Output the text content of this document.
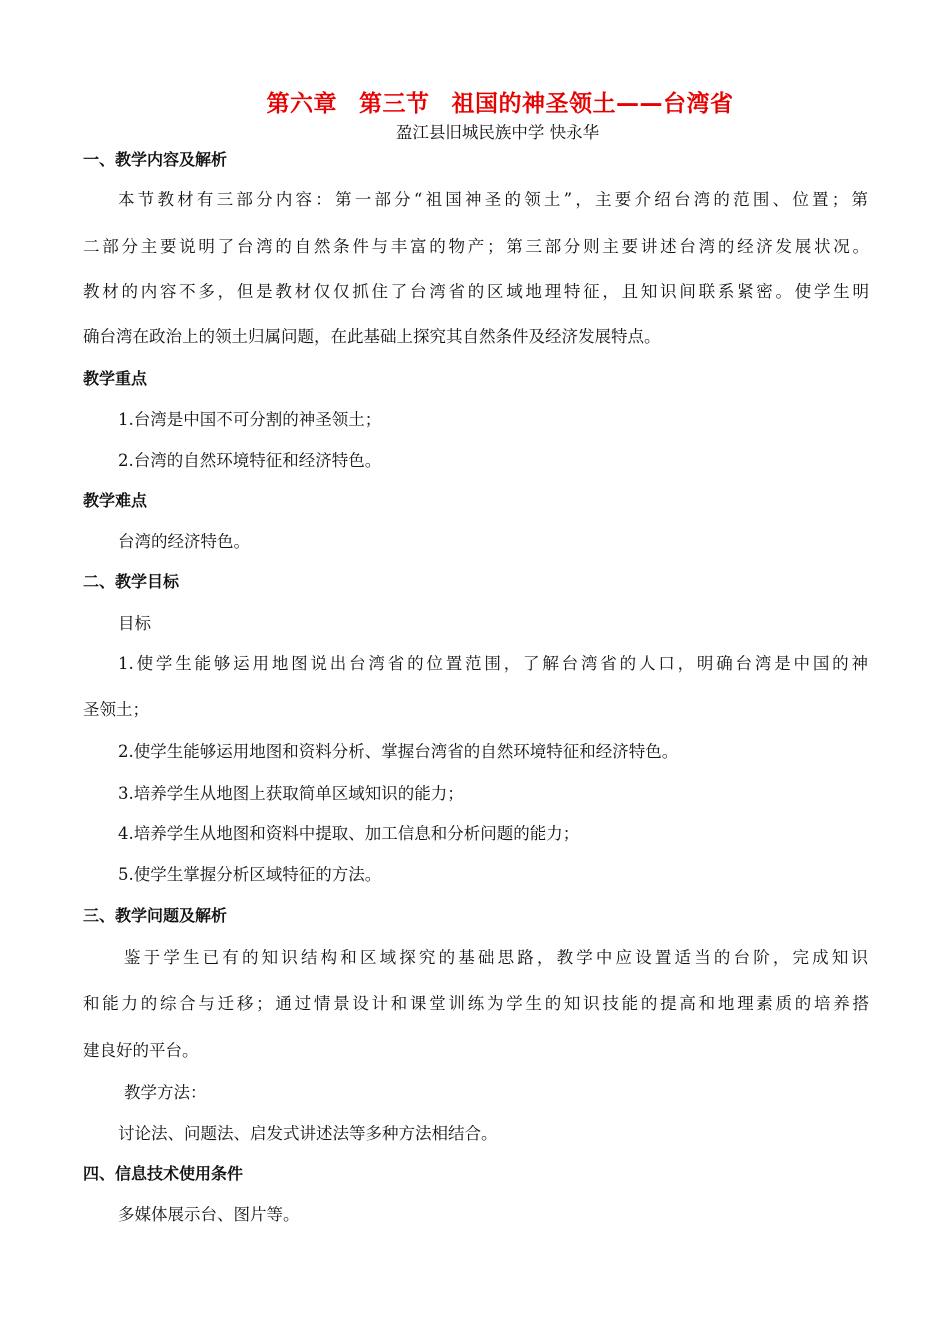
第六章 第三节 祖国的神圣领土——台湾省
盈江县旧城民族中学 快永华
一、教学内容及解析
本节教材有三部分内容：第一部分“祖国神圣的领土”，主要介绍台湾的范围、位置；第
二部分主要说明了台湾的自然条件与丰富的物产；第三部分则主要讲述台湾的经济发展状况。
教材的内容不多，但是教材仅仅抓住了台湾省的区域地理特征，且知识间联系紧密。使学生明
确台湾在政治上的领土归属问题，在此基础上探究其自然条件及经济发展特点。
教学重点
1.台湾是中国不可分割的神圣领土；
2.台湾的自然环境特征和经济特色。
教学难点
台湾的经济特色。
二、教学目标
目标
1.使学生能够运用地图说出台湾省的位置范围，了解台湾省的人口，明确台湾是中国的神
圣领土；
2.使学生能够运用地图和资料分析、掌握台湾省的自然环境特征和经济特色。
3.培养学生从地图上获取简单区域知识的能力；
4.培养学生从地图和资料中提取、加工信息和分析问题的能力；
5.使学生掌握分析区域特征的方法。
三、教学问题及解析
鉴于学生已有的知识结构和区域探究的基础思路，教学中应设置适当的台阶，完成知识
和能力的综合与迁移；通过情景设计和课堂训练为学生的知识技能的提高和地理素质的培养搭
建良好的平台。
教学方法：
讨论法、问题法、启发式讲述法等多种方法相结合。
四、信息技术使用条件
多媒体展示台、图片等。
